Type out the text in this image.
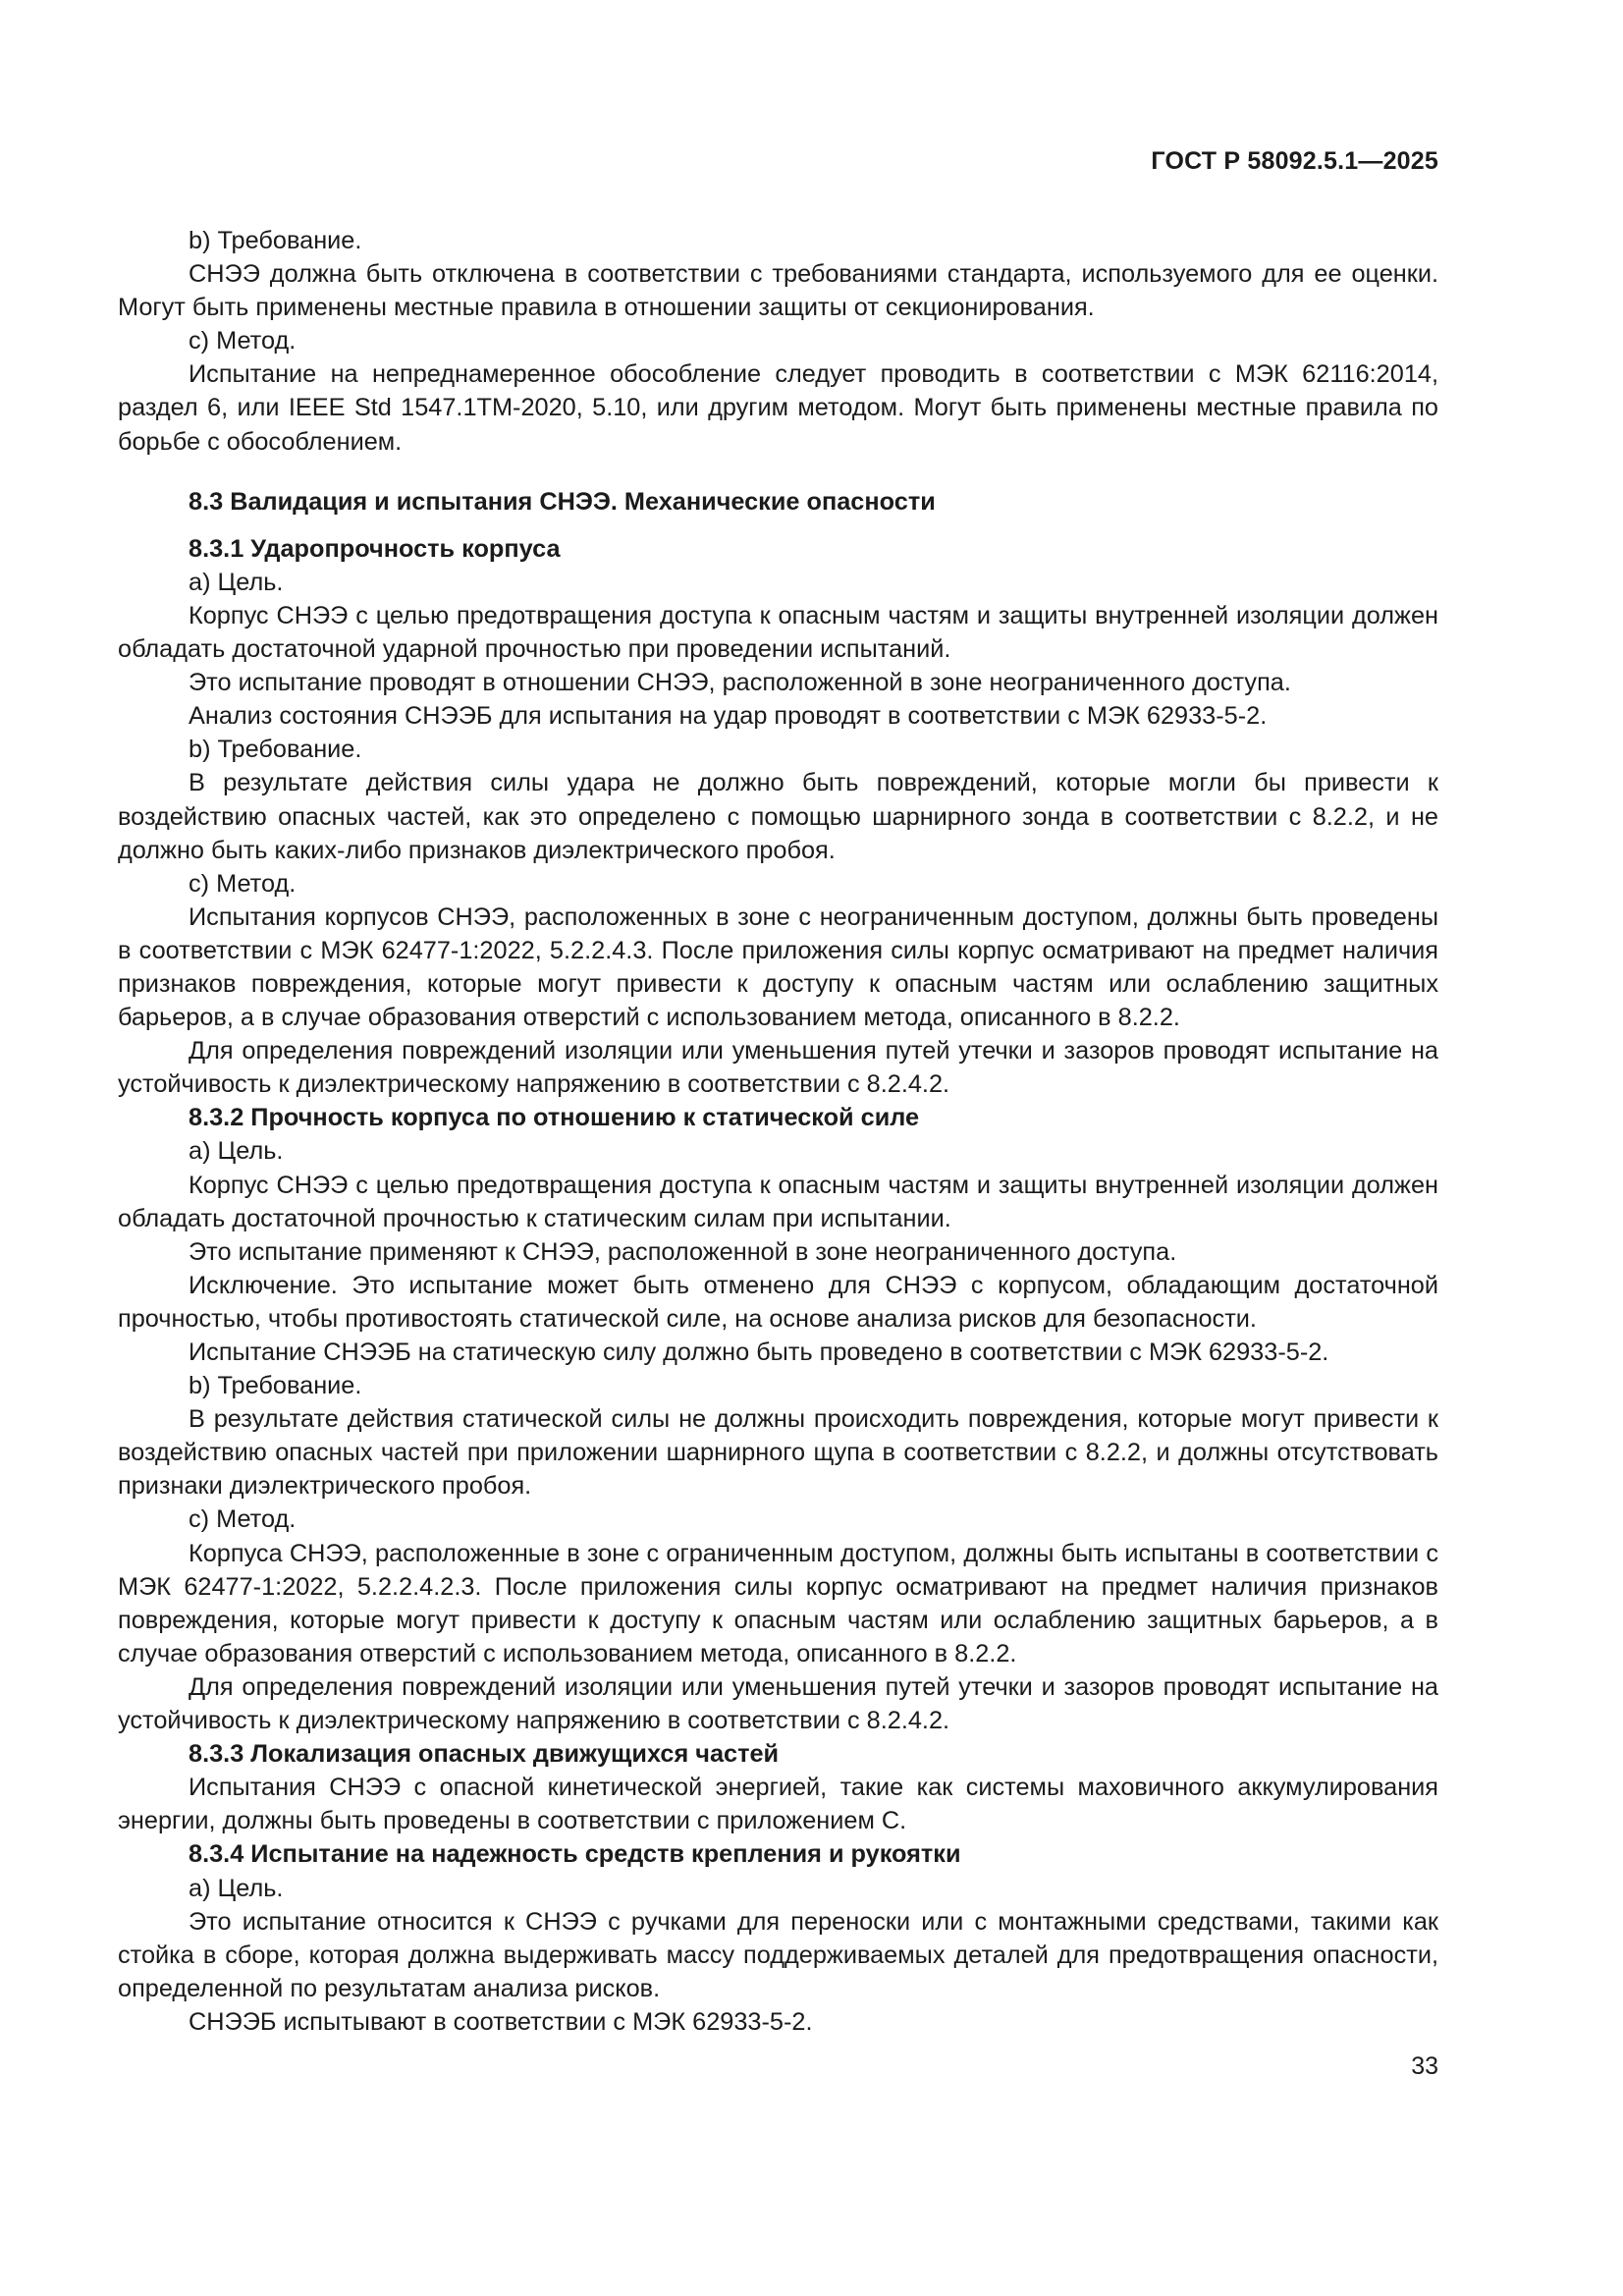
ГОСТ Р 58092.5.1—2025

b) Требование.

СНЭЭ должна быть отключена в соответствии с требованиями стандарта, используемого для ее оценки. Могут быть применены местные правила в отношении защиты от секционирования.

c) Метод.

Испытание на непреднамеренное обособление следует проводить в соответствии с МЭК 62116:2014, раздел 6, или IEEE Std 1547.1TM-2020, 5.10, или другим методом. Могут быть применены местные правила по борьбе с обособлением.

8.3 Валидация и испытания СНЭЭ. Механические опасности

8.3.1 Ударопрочность корпуса

a) Цель.

Корпус СНЭЭ с целью предотвращения доступа к опасным частям и защиты внутренней изоляции должен обладать достаточной ударной прочностью при проведении испытаний.

Это испытание проводят в отношении СНЭЭ, расположенной в зоне неограниченного доступа.

Анализ состояния СНЭЭБ для испытания на удар проводят в соответствии с МЭК 62933-5-2.

b) Требование.

В результате действия силы удара не должно быть повреждений, которые могли бы привести к воздействию опасных частей, как это определено с помощью шарнирного зонда в соответствии с 8.2.2, и не должно быть каких-либо признаков диэлектрического пробоя.

c) Метод.

Испытания корпусов СНЭЭ, расположенных в зоне с неограниченным доступом, должны быть проведены в соответствии с МЭК 62477-1:2022, 5.2.2.4.3. После приложения силы корпус осматривают на предмет наличия признаков повреждения, которые могут привести к доступу к опасным частям или ослаблению защитных барьеров, а в случае образования отверстий с использованием метода, описанного в 8.2.2.

Для определения повреждений изоляции или уменьшения путей утечки и зазоров проводят испытание на устойчивость к диэлектрическому напряжению в соответствии с 8.2.4.2.

8.3.2 Прочность корпуса по отношению к статической силе

a) Цель.

Корпус СНЭЭ с целью предотвращения доступа к опасным частям и защиты внутренней изоляции должен обладать достаточной прочностью к статическим силам при испытании.

Это испытание применяют к СНЭЭ, расположенной в зоне неограниченного доступа.

Исключение. Это испытание может быть отменено для СНЭЭ с корпусом, обладающим достаточной прочностью, чтобы противостоять статической силе, на основе анализа рисков для безопасности.

Испытание СНЭЭБ на статическую силу должно быть проведено в соответствии с МЭК 62933-5-2.

b) Требование.

В результате действия статической силы не должны происходить повреждения, которые могут привести к воздействию опасных частей при приложении шарнирного щупа в соответствии с 8.2.2, и должны отсутствовать признаки диэлектрического пробоя.

c) Метод.

Корпуса СНЭЭ, расположенные в зоне с ограниченным доступом, должны быть испытаны в соответствии с МЭК 62477-1:2022, 5.2.2.4.2.3. После приложения силы корпус осматривают на предмет наличия признаков повреждения, которые могут привести к доступу к опасным частям или ослаблению защитных барьеров, а в случае образования отверстий с использованием метода, описанного в 8.2.2.

Для определения повреждений изоляции или уменьшения путей утечки и зазоров проводят испытание на устойчивость к диэлектрическому напряжению в соответствии с 8.2.4.2.

8.3.3 Локализация опасных движущихся частей

Испытания СНЭЭ с опасной кинетической энергией, такие как системы маховичного аккумулирования энергии, должны быть проведены в соответствии с приложением С.

8.3.4 Испытание на надежность средств крепления и рукоятки

a) Цель.

Это испытание относится к СНЭЭ с ручками для переноски или с монтажными средствами, такими как стойка в сборе, которая должна выдерживать массу поддерживаемых деталей для предотвращения опасности, определенной по результатам анализа рисков.

СНЭЭБ испытывают в соответствии с МЭК 62933-5-2.

33
